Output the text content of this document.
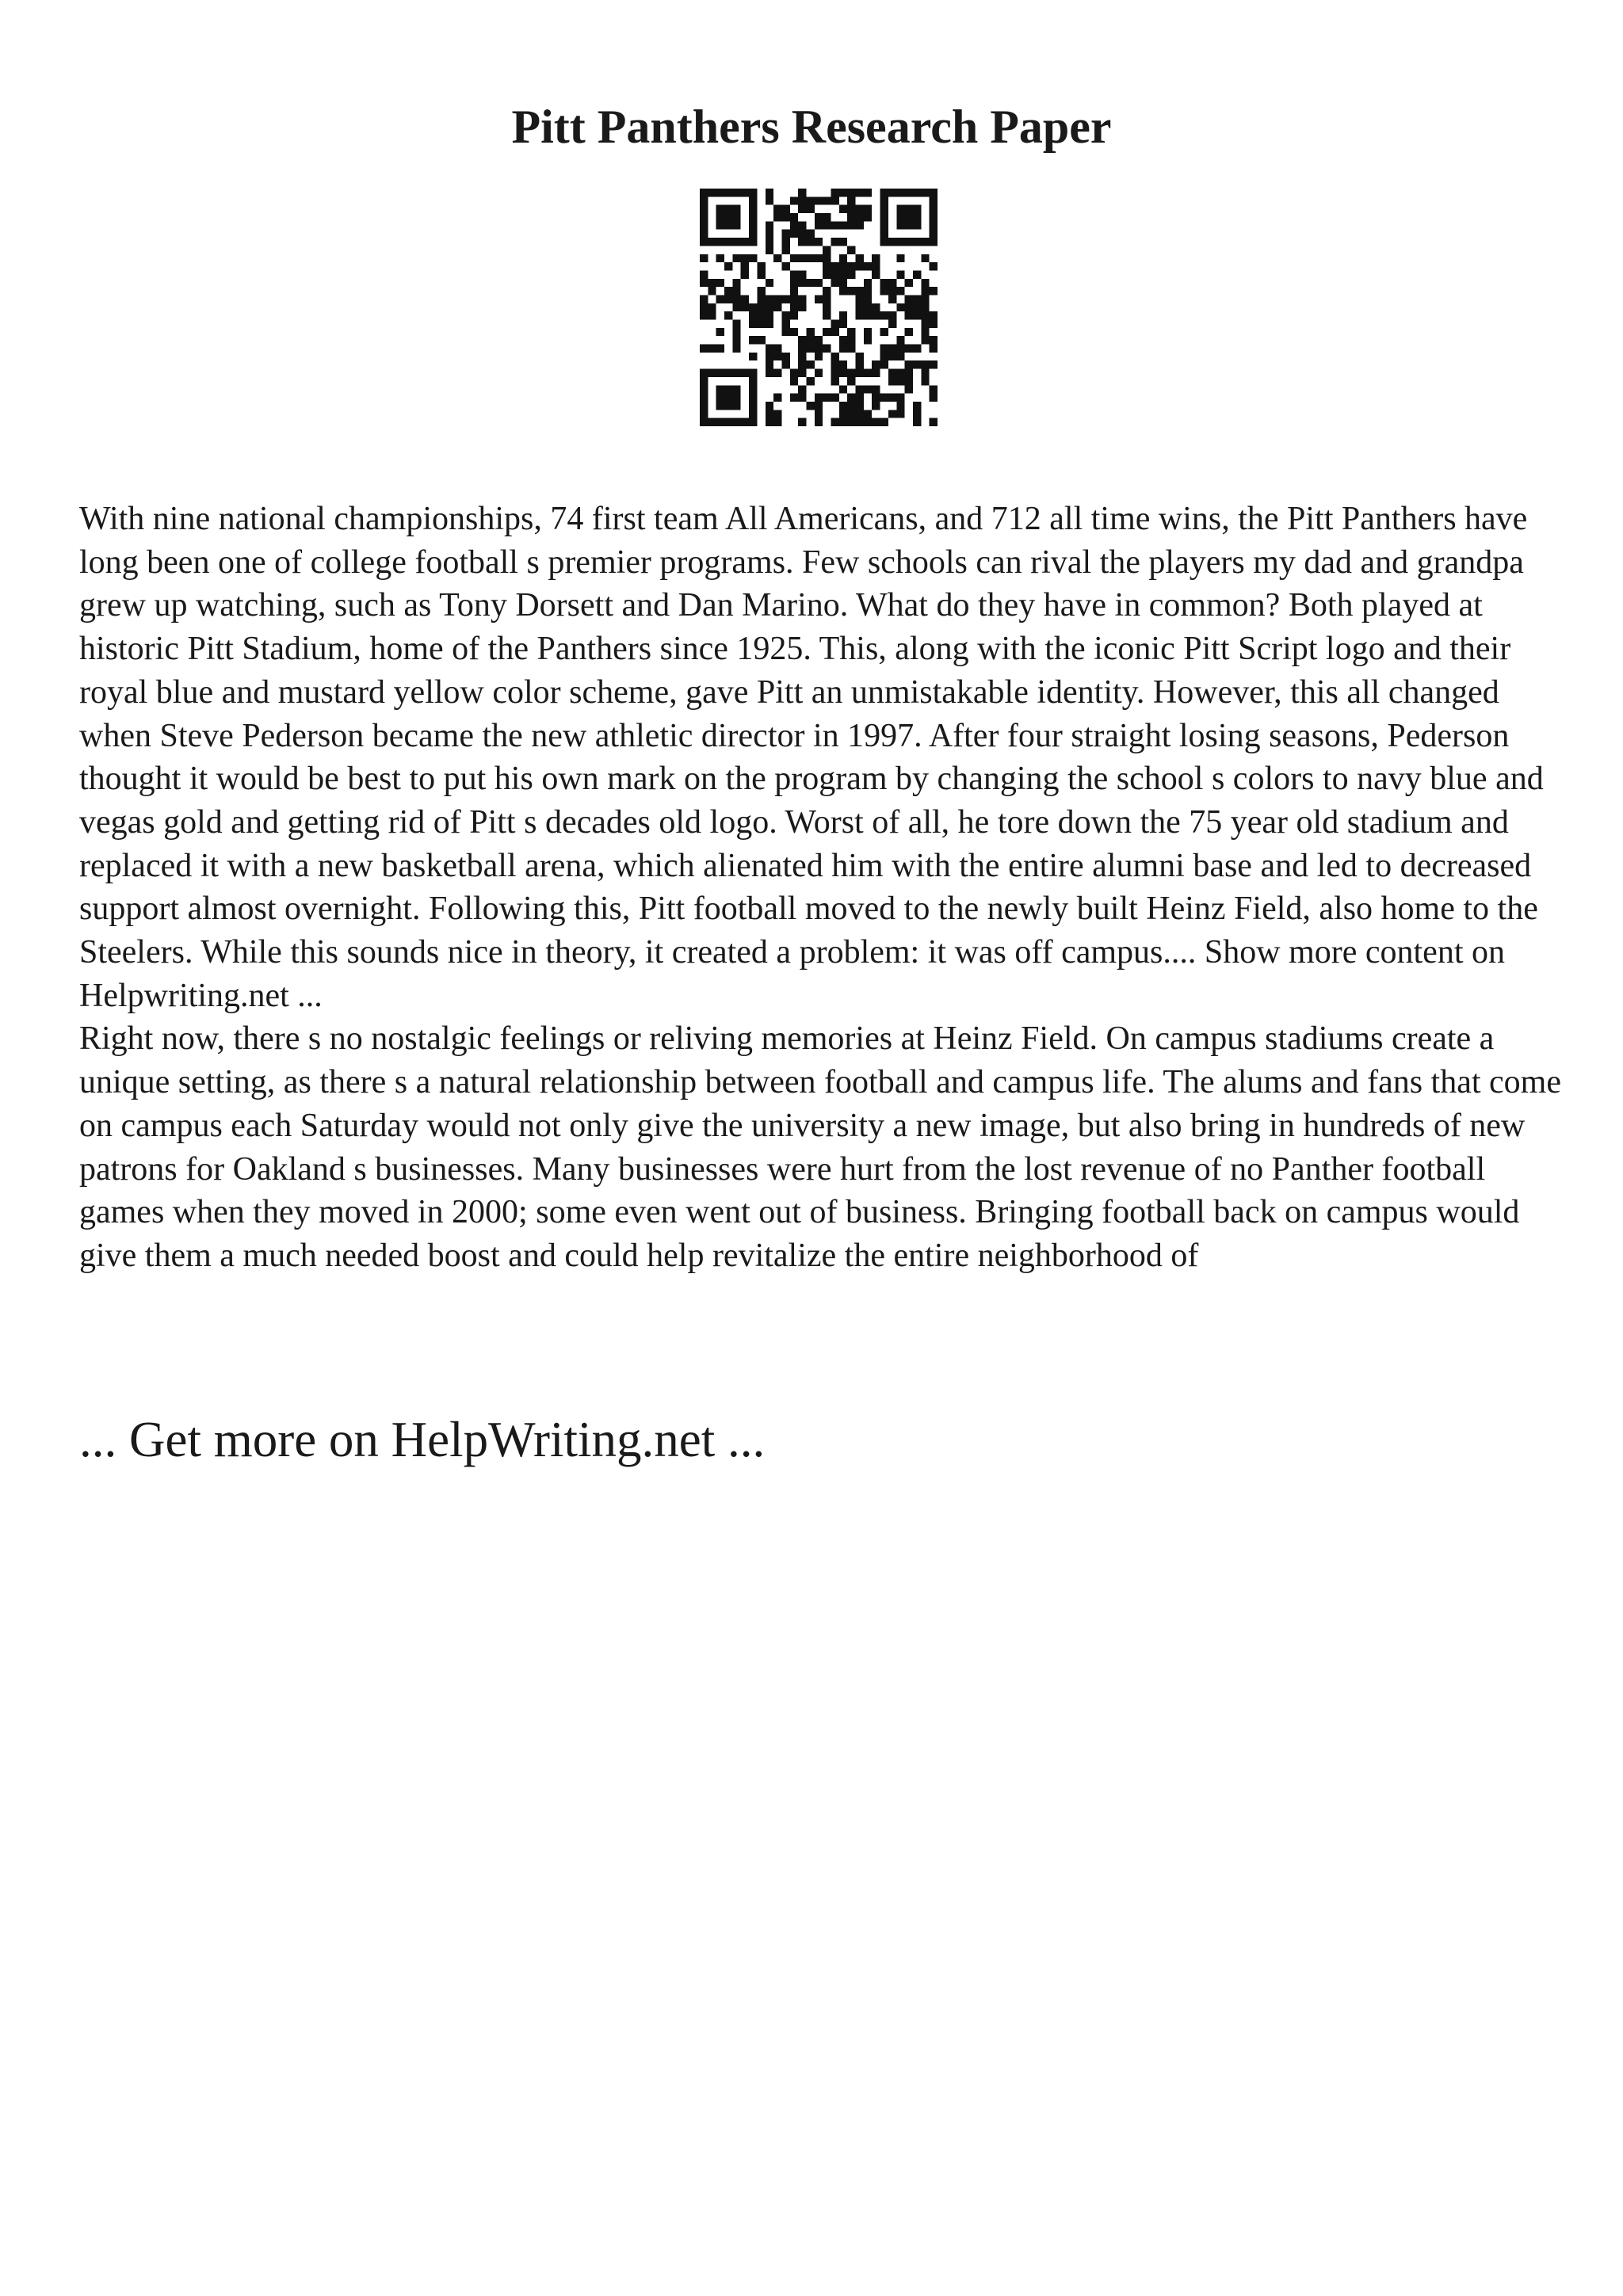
Pitt Panthers Research Paper

With nine national championships, 74 first team All Americans, and 712 all time wins, the Pitt Panthers have long been one of college football s premier programs. Few schools can rival the players my dad and grandpa grew up watching, such as Tony Dorsett and Dan Marino. What do they have in common? Both played at historic Pitt Stadium, home of the Panthers since 1925. This, along with the iconic Pitt Script logo and their royal blue and mustard yellow color scheme, gave Pitt an unmistakable identity. However, this all changed when Steve Pederson became the new athletic director in 1997. After four straight losing seasons, Pederson thought it would be best to put his own mark on the program by changing the school s colors to navy blue and vegas gold and getting rid of Pitt s decades old logo. Worst of all, he tore down the 75 year old stadium and replaced it with a new basketball arena, which alienated him with the entire alumni base and led to decreased support almost overnight. Following this, Pitt football moved to the newly built Heinz Field, also home to the Steelers. While this sounds nice in theory, it created a problem: it was off campus.... Show more content on Helpwriting.net ...

Right now, there s no nostalgic feelings or reliving memories at Heinz Field. On campus stadiums create a unique setting, as there s a natural relationship between football and campus life. The alums and fans that come on campus each Saturday would not only give the university a new image, but also bring in hundreds of new patrons for Oakland s businesses. Many businesses were hurt from the lost revenue of no Panther football games when they moved in 2000; some even went out of business. Bringing football back on campus would give them a much needed boost and could help revitalize the entire neighborhood of

... Get more on HelpWriting.net ...
